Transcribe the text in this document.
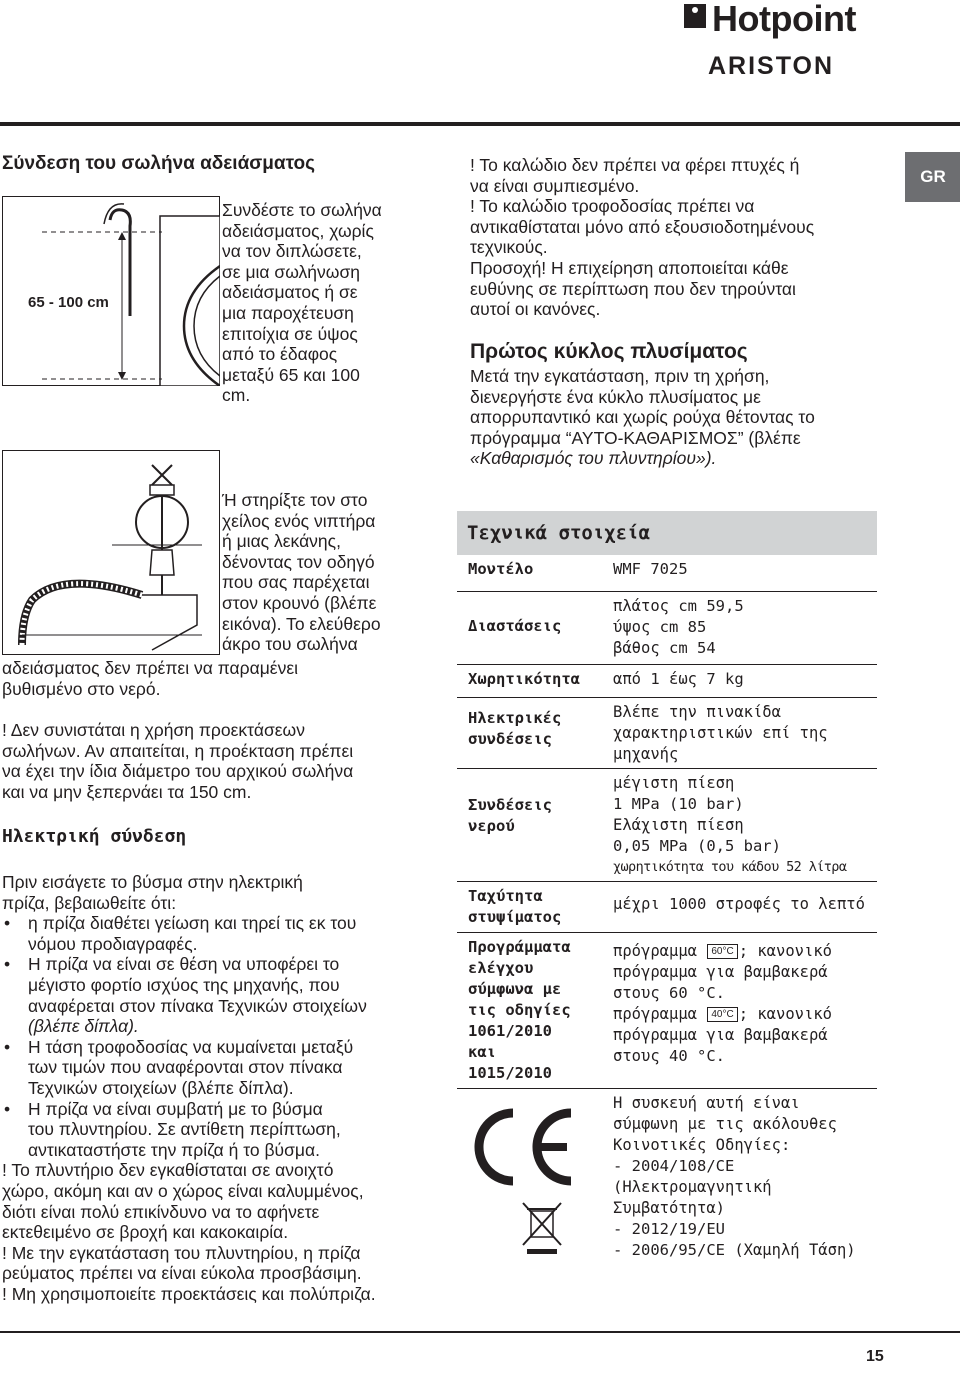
Hotpoint
ARISTON
GR
Σύνδεση του σωλήνα αδειάσματος
65 - 100 cm

Συνδέστε το σωλήνα

αδειάσματος, χωρίς

να τον διπλώσετε,

σε μια σωλήνωση

αδειάσματος ή σε

μια παροχέτευση

επιτοίχια σε ύψος

από το έδαφος

μεταξύ 65 και 100

cm.

Ή στηρίξτε τον στο

χείλος ενός νιπτήρα

ή μιας λεκάνης,

δένοντας τον οδηγό

που σας παρέχεται

στον κρουνό (βλέπε

εικόνα). Το ελεύθερο

άκρο του σωλήνα

αδειάσματος δεν πρέπει να παραμένει

βυθισμένο στο νερό.

! Δεν συνιστάται η χρήση προεκτάσεων

σωλήνων. Αν απαιτείται, η προέκταση πρέπει

να έχει την ίδια διάμετρο του αρχικού σωλήνα

και να μην ξεπερνάει τα 150 cm.

Ηλεκτρική σύνδεση

Πριν εισάγετε το βύσμα στην ηλεκτρική

πρίζα, βεβαιωθείτε ότι:

• η πρίζα διαθέτει γείωση και τηρεί τις εκ του

νόμου προδιαγραφές.

• Η πρίζα να είναι σε θέση να υποφέρει το

μέγιστο φορτίο ισχύος της μηχανής, που

αναφέρεται στον πίνακα Τεχνικών στοιχείων

(βλέπε δίπλα).

• Η τάση τροφοδοσίας να κυμαίνεται μεταξύ

των τιμών που αναφέρονται στον πίνακα

Τεχνικών στοιχείων (βλέπε δίπλα).

• Η πρίζα να είναι συμβατή με το βύσμα

του πλυντηρίου. Σε αντίθετη περίπτωση,

αντικαταστήστε την πρίζα ή το βύσμα.

! Το πλυντήριο δεν εγκαθίσταται σε ανοιχτό

χώρο, ακόμη και αν ο χώρος είναι καλυμμένος,

διότι είναι πολύ επικίνδυνο να το αφήνετε

εκτεθειμένο σε βροχή και κακοκαιρία.

! Με την εγκατάσταση του πλυντηρίου, η πρίζα

ρεύματος πρέπει να είναι εύκολα προσβάσιμη.

! Μη χρησιμοποιείτε προεκτάσεις και πολύπριζα.

! Το καλώδιο δεν πρέπει να φέρει πτυχές ή

να είναι συμπιεσμένο.

! Το καλώδιο τροφοδοσίας πρέπει να

αντικαθίσταται μόνο από εξουσιοδοτημένους

τεχνικούς.

Προσοχή! Η επιχείρηση αποποιείται κάθε

ευθύνης σε περίπτωση που δεν τηρούνται

αυτοί οι κανόνες.

Πρώτος κύκλος πλυσίματος

Μετά την εγκατάσταση, πριν τη χρήση,

διενεργήστε ένα κύκλο πλυσίματος με

απορρυπαντικό και χωρίς ρούχα θέτοντας το

πρόγραμμα “ΑΥΤΟ-ΚΑΘΑΡΙΣΜΟΣ” (βλέπε

«Καθαρισμός του πλυντηρίου»).

Τεχνικά στοιχεία
Μοντέλο	WMF 7025
Διαστάσεις
πλάτος cm 59,5
ύψος cm 85
βάθος cm 54
Χωρητικότητα	από 1 έως 7 kg
Ηλεκτρικές
συνδέσεις
Βλέπε την πινακίδα
χαρακτηριστικών επί της
μηχανής
Συνδέσεις
νερού
μέγιστη πίεση
1 MPa (10 bar)
Ελάχιστη πίεση
0,05 MPa (0,5 bar)
χωρητικότητα του κάδου 52 λίτρα
Ταχύτητα
στυψίματος
μέχρι 1000 στροφές το λεπτό
Προγράμματα
ελέγχου
σύμφωνα με
τις οδηγίες
1061/2010
και
1015/2010
πρόγραμμα 60°C ; κανονικό
πρόγραμμα για βαμβακερά
στους 60 °C.
πρόγραμμα 40°C ; κανονικό
πρόγραμμα για βαμβακερά
στους 40 °C.
Η συσκευή αυτή είναι
σύμφωνη με τις ακόλουθες
Κοινοτικές Οδηγίες:
- 2004/108/CE
(Ηλεκτρομαγνητική
Συμβατότητα)
- 2012/19/EU
- 2006/95/CE (Χαμηλή Τάση)
15
